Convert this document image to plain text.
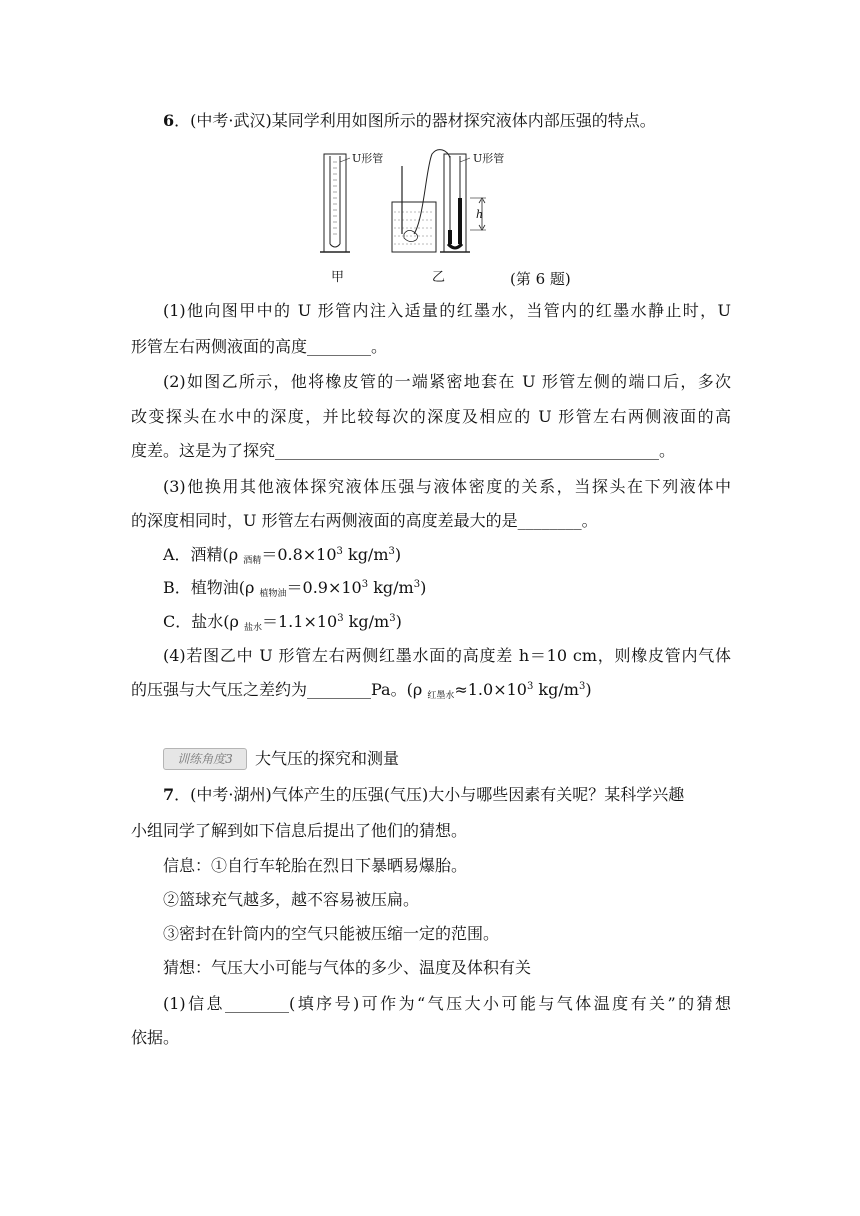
6．(中考·武汉)某同学利用如图所示的器材探究液体内部压强的特点。
U形管	U形管
h
甲	乙	(第 6 题)
(1)他向图甲中的 U 形管内注入适量的红墨水，当管内的红墨水静止时，U
形管左右两侧液面的高度________。
(2)如图乙所示，他将橡皮管的一端紧密地套在 U 形管左侧的端口后，多次
改变探头在水中的深度，并比较每次的深度及相应的 U 形管左右两侧液面的高
度差。这是为了探究________________________________________________。
(3)他换用其他液体探究液体压强与液体密度的关系，当探头在下列液体中
的深度相同时，U 形管左右两侧液面的高度差最大的是________。
A．酒精(ρ 酒精$=0.8\times 10^3$ $kg/m^3$)
B．植物油(ρ 植物油$=0.9\times 10^3$ $kg/m^3$)
C．盐水(ρ 盐水$=1.1\times 10^3$ $kg/m^3$)
(4)若图乙中 U 形管左右两侧红墨水面的高度差 h＝10 cm，则橡皮管内气体
的压强与大气压之差约为________Pa。(ρ 红墨水$\approx 1.0\times 10^3$ $kg/m^3$)
训练角度3	大气压的探究和测量
7．(中考·湖州)气体产生的压强(气压)大小与哪些因素有关呢？某科学兴趣
小组同学了解到如下信息后提出了他们的猜想。
信息：①自行车轮胎在烈日下暴晒易爆胎。
②篮球充气越多，越不容易被压扁。
③密封在针筒内的空气只能被压缩一定的范围。
猜想：气压大小可能与气体的多少、温度及体积有关
(1)信息________(填序号)可作为“气压大小可能与气体温度有关”的猜想
依据。
